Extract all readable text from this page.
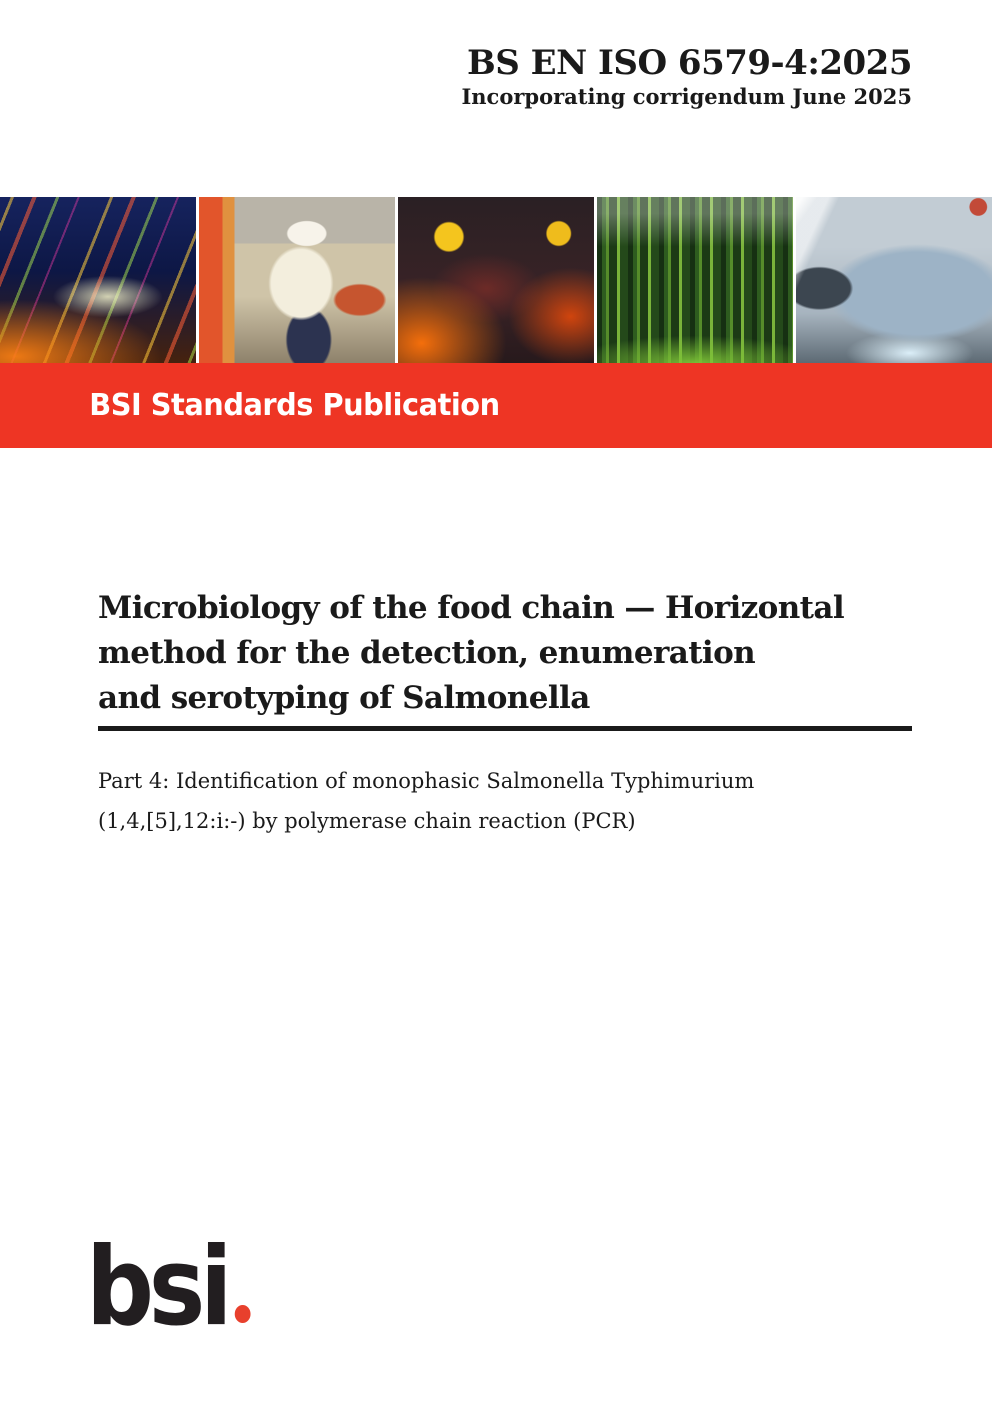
BS EN ISO 6579-4:2025
Incorporating corrigendum June 2025
BSI Standards Publication
Microbiology of the food chain — Horizontal
method for the detection, enumeration
and serotyping of Salmonella
Part 4: Identification of monophasic Salmonella Typhimurium
(1,4,[5],12:i:-) by polymerase chain reaction (PCR)
bsi
